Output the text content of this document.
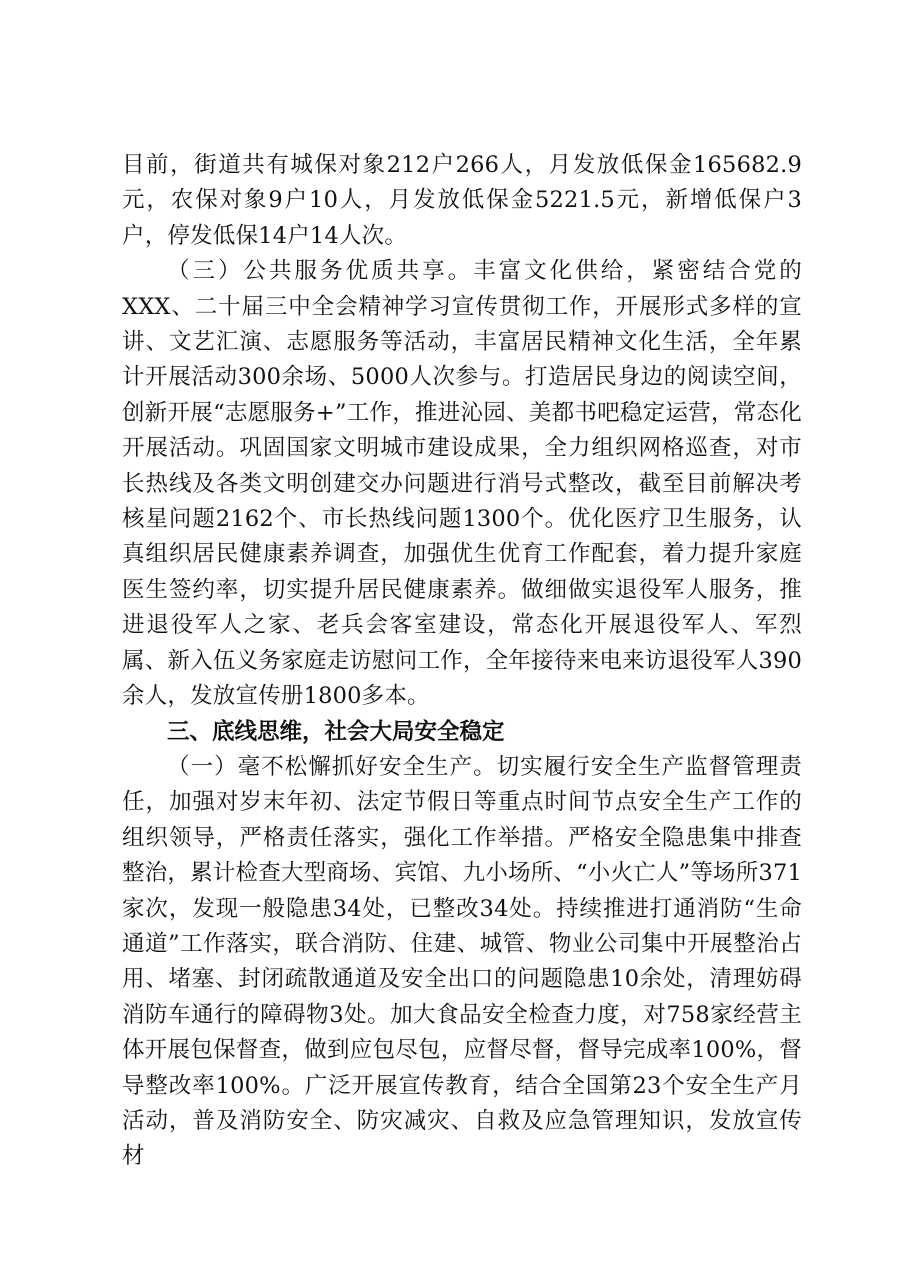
目前，街道共有城保对象212户266人，月发放低保金165682.9元，农保对象9户10人，月发放低保金5221.5元，新增低保户3户，停发低保14户14人次。

（三）公共服务优质共享。丰富文化供给，紧密结合党的XXX、二十届三中全会精神学习宣传贯彻工作，开展形式多样的宣讲、文艺汇演、志愿服务等活动，丰富居民精神文化生活，全年累计开展活动300余场、5000人次参与。打造居民身边的阅读空间，创新开展“志愿服务+”工作，推进沁园、美都书吧稳定运营，常态化开展活动。巩固国家文明城市建设成果，全力组织网格巡查，对市长热线及各类文明创建交办问题进行消号式整改，截至目前解决考核星问题2162个、市长热线问题1300个。优化医疗卫生服务，认真组织居民健康素养调查，加强优生优育工作配套，着力提升家庭医生签约率，切实提升居民健康素养。做细做实退役军人服务，推进退役军人之家、老兵会客室建设，常态化开展退役军人、军烈属、新入伍义务家庭走访慰问工作，全年接待来电来访退役军人390余人，发放宣传册1800多本。

三、底线思维，社会大局安全稳定

（一）毫不松懈抓好安全生产。切实履行安全生产监督管理责任，加强对岁末年初、法定节假日等重点时间节点安全生产工作的组织领导，严格责任落实，强化工作举措。严格安全隐患集中排查整治，累计检查大型商场、宾馆、九小场所、“小火亡人”等场所371家次，发现一般隐患34处，已整改34处。持续推进打通消防“生命通道”工作落实，联合消防、住建、城管、物业公司集中开展整治占用、堵塞、封闭疏散通道及安全出口的问题隐患10余处，清理妨碍消防车通行的障碍物3处。加大食品安全检查力度，对758家经营主体开展包保督查，做到应包尽包，应督尽督，督导完成率100%，督导整改率100%。广泛开展宣传教育，结合全国第23个安全生产月活动，普及消防安全、防灾减灾、自救及应急管理知识，发放宣传材
